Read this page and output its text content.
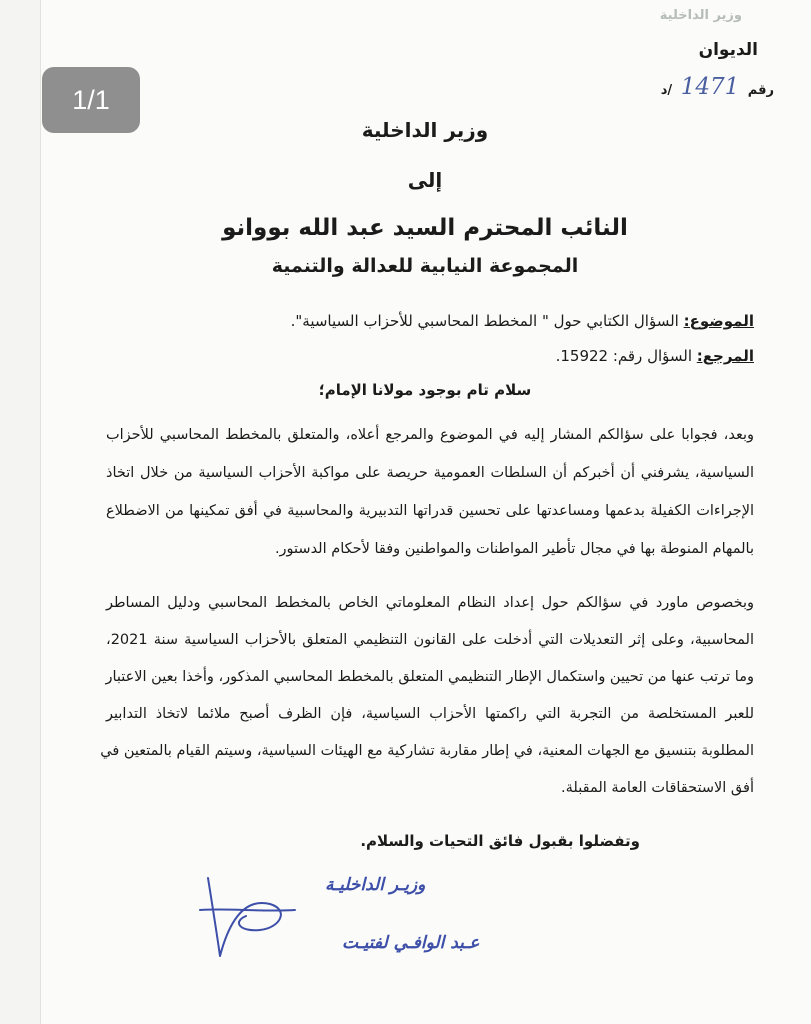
1/1
وزير الداخلية
الديوان
رقم 1471 /د
وزير الداخلية
إلى
النائب المحترم السيد عبد الله بووانو
المجموعة النيابية للعدالة والتنمية
الموضوع: السؤال الكتابي حول " المخطط المحاسبي للأحزاب السياسية".
المرجع: السؤال رقم: 15922.
سلام تام بوجود مولانا الإمام؛
وبعد، فجوابا على سؤالكم المشار إليه في الموضوع والمرجع أعلاه، والمتعلق بالمخطط المحاسبي للأحزاب
السياسية، يشرفني أن أخبركم أن السلطات العمومية حريصة على مواكبة الأحزاب السياسية من خلال اتخاذ
الإجراءات الكفيلة بدعمها ومساعدتها على تحسين قدراتها التدبيرية والمحاسبية في أفق تمكينها من الاضطلاع
بالمهام المنوطة بها في مجال تأطير المواطنات والمواطنين وفقا لأحكام الدستور.
وبخصوص ماورد في سؤالكم حول إعداد النظام المعلوماتي الخاص بالمخطط المحاسبي ودليل المساطر
المحاسبية، وعلى إثر التعديلات التي أدخلت على القانون التنظيمي المتعلق بالأحزاب السياسية سنة 2021،
وما ترتب عنها من تحيين واستكمال الإطار التنظيمي المتعلق بالمخطط المحاسبي المذكور، وأخذا بعين الاعتبار
للعبر المستخلصة من التجربة التي راكمتها الأحزاب السياسية، فإن الظرف أصبح ملائما لاتخاذ التدابير
المطلوبة بتنسيق مع الجهات المعنية، في إطار مقاربة تشاركية مع الهيئات السياسية، وسيتم القيام بالمتعين في
أفق الاستحقاقات العامة المقبلة.
وتفضلوا بقبول فائق التحيات والسلام.
وزيـر الداخليـة
عـبد الوافـي لفتيـت
